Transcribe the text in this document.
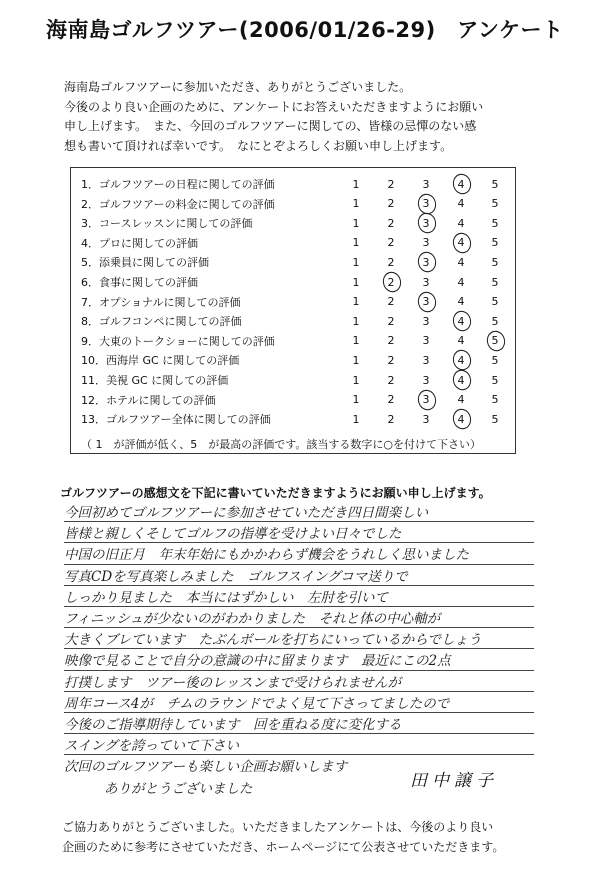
海南島ゴルフツアー(2006/01/26-29)　アンケート
海南島ゴルフツアーに参加いただき、ありがとうございました。
今後のより良い企画のために、アンケートにお答えいただきますようにお願い
申し上げます。　また、今回のゴルフツアーに関しての、皆様の忌憚のない感
想も書いて頂ければ幸いです。　なにとぞよろしくお願い申し上げます。
（ 1　が評価が低く、5　が最高の評価です。該当する数字に○を付けて下さい）
1．ゴルフツアーの日程に関しての評価	1	2	3	4	5
2．ゴルフツアーの料金に関しての評価	1	2	3	4	5
3．コースレッスンに関しての評価	1	2	3	4	5
4．プロに関しての評価	1	2	3	4	5
5．添乗員に関しての評価	1	2	3	4	5
6．食事に関しての評価	1	2	3	4	5
7．オプショナルに関しての評価	1	2	3	4	5
8．ゴルフコンペに関しての評価	1	2	3	4	5
9．大東のトークショーに関しての評価	1	2	3	4	5
10．西海岸 GC に関しての評価	1	2	3	4	5
11．美視 GC に関しての評価	1	2	3	4	5
12．ホテルに関しての評価	1	2	3	4	5
13．ゴルフツアー全体に関しての評価	1	2	3	4	5
ゴルフツアーの感想文を下記に書いていただきますようにお願い申し上げます。
今回初めてゴルフツアーに参加させていただき四日間楽しい
皆様と親しくそしてゴルフの指導を受けよい日々でした
中国の旧正月　年末年始にもかかわらず機会をうれしく思いました
写真CDを写真楽しみました　ゴルフスイングコマ送りで
しっかり見ました　本当にはずかしい　左肘を引いて
フィニッシュが少ないのがわかりました　それと体の中心軸が
大きくブレています　たぶんボールを打ちにいっているからでしょう
映像で見ることで自分の意識の中に留まります　最近にこの2点
打撲します　ツアー後のレッスンまで受けられませんが
周年コース4が　チムのラウンドでよく見て下さってましたので
今後のご指導期待しています　回を重ねる度に変化する
スイングを誇っていて下さい
次回のゴルフツアーも楽しい企画お願いします
ありがとうございました	田中譲子
ご協力ありがとうございました。いただきましたアンケートは、今後のより良い
企画のために参考にさせていただき、ホームページにて公表させていただきます。
